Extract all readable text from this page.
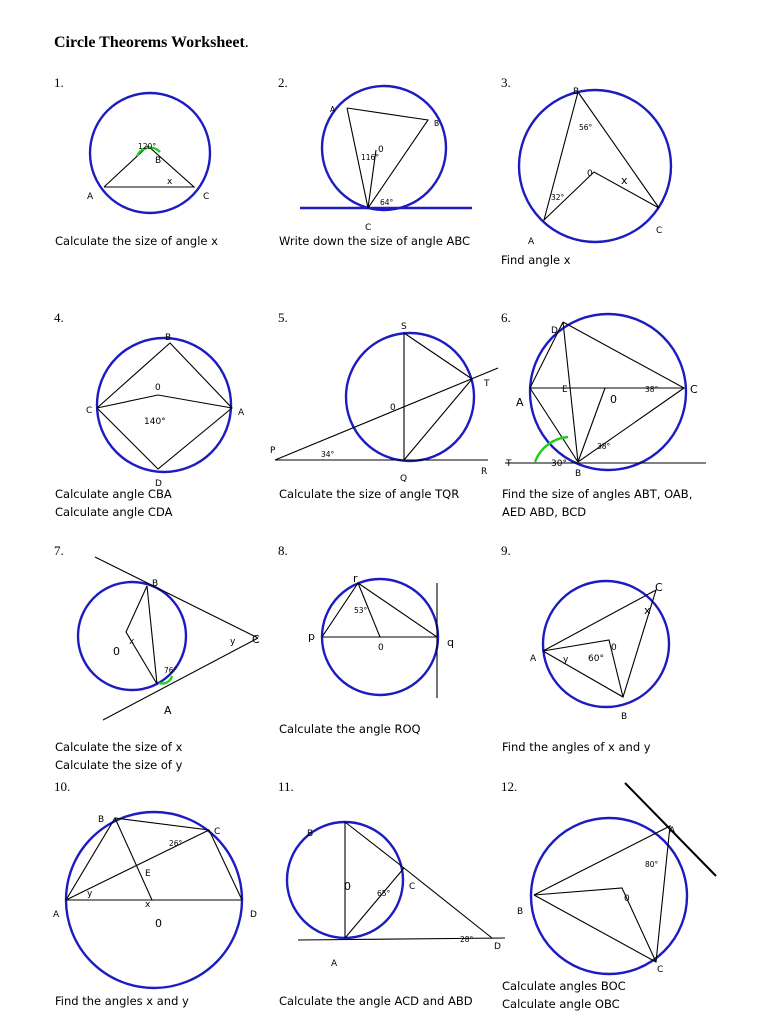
Circle Theorems Worksheet.
1.
120°
B
x
A	C
Calculate the size of angle x
2.
A
B
0
116°
64°
C
Write down the size of angle ABC
3.
B
56°
0	x
32°
A
C
Find angle x
4.
B
0
140°
C	A
D
Calculate angle CBA
Calculate angle CDA
5.
S
T
0
P	34°
Q
R
Calculate the size of angle TQR
6.
D
E	38°	C
A	0
38°
30°
T
B
Find the size of angles ABT, OAB,
AED ABD, BCD
7.
B
x
0
76°
y C
A
Calculate the size of x
Calculate the size of y
8.
r
53°
p
0	q
Calculate the angle ROQ
9.
C
x
0
60°
y
A
B
Find the angles of x and y
10.
B
26°
C
E
y
x
0
A	D
Find the angles x and y
11.
B
0
65°
C
28°
D
A
Calculate the angle ACD and ABD
12.
A
80°
0
B
C
Calculate angles BOC
Calculate angle OBC
